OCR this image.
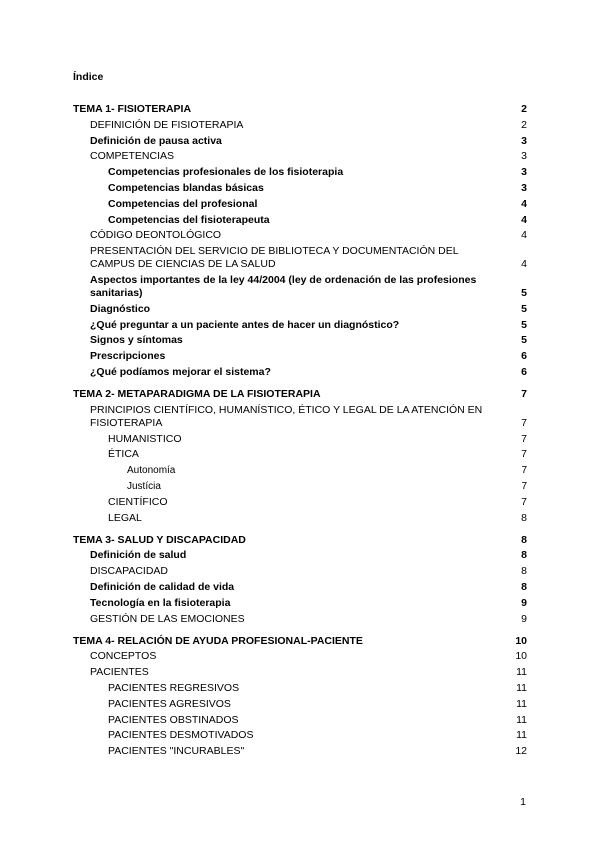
Índice
TEMA 1- FISIOTERAPIA	2
DEFINICIÓN DE FISIOTERAPIA	2
Definición de pausa activa	3
COMPETENCIAS	3
Competencias profesionales de los fisioterapia	3
Competencias blandas básicas	3
Competencias del profesional	4
Competencias del fisioterapeuta	4
CÓDIGO DEONTOLÓGICO	4
PRESENTACIÓN DEL SERVICIO DE BIBLIOTECA Y DOCUMENTACIÓN DEL CAMPUS DE CIENCIAS DE LA SALUD	4
Aspectos importantes de la ley 44/2004 (ley de ordenación de las profesiones sanitarias)	5
Diagnóstico	5
¿Qué preguntar a un paciente antes de hacer un diagnóstico?	5
Signos y síntomas	5
Prescripciones	6
¿Qué podíamos mejorar el sistema?	6
TEMA 2- METAPARADIGMA DE LA FISIOTERAPIA	7
PRINCIPIOS CIENTÍFICO, HUMANÍSTICO, ÉTICO Y LEGAL DE LA ATENCIÓN EN FISIOTERAPIA	7
HUMANISTICO	7
ÉTICA	7
Autonomía	7
Justícia	7
CIENTÍFICO	7
LEGAL	8
TEMA 3- SALUD Y DISCAPACIDAD	8
Definición de salud	8
DISCAPACIDAD	8
Definición de calidad de vida	8
Tecnología en la fisioterapia	9
GESTIÓN DE LAS EMOCIONES	9
TEMA 4- RELACIÓN DE AYUDA PROFESIONAL-PACIENTE	10
CONCEPTOS	10
PACIENTES	11
PACIENTES REGRESIVOS	11
PACIENTES AGRESIVOS	11
PACIENTES OBSTINADOS	11
PACIENTES DESMOTIVADOS	11
PACIENTES "INCURABLES"	12
1
